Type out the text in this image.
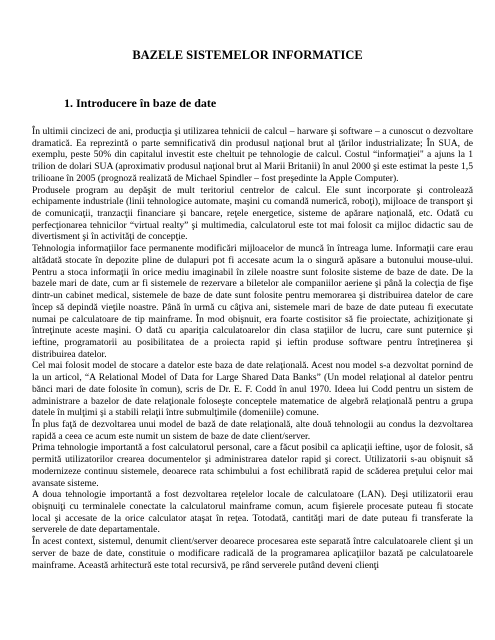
BAZELE SISTEMELOR INFORMATICE
1. Introducere în baze de date

În ultimii cincizeci de ani, producţia şi utilizarea tehnicii de calcul – harware şi software – a cunoscut o dezvoltare dramatică. Ea reprezintă o parte semnificativă din produsul naţional brut al ţărilor industrializate; În SUA, de exemplu, peste 50% din capitalul investit este cheltuit pe tehnologie de calcul. Costul “informaţiei" a ajuns la 1 trilion de dolari SUA (aproximativ produsul naţional brut al Marii Britanii) în anul 2000 şi este estimat la peste 1,5 trilioane în 2005 (prognoză realizată de Michael Spindler – fost preşedinte la Apple Computer).

Produsele program au depăşit de mult teritoriul centrelor de calcul. Ele sunt incorporate şi controlează echipamente industriale (linii tehnologice automate, maşini cu comandă numerică, roboţi), mijloace de transport şi de comunicaţii, tranzacţii financiare şi bancare, reţele energetice, sisteme de apărare naţională, etc. Odată cu perfecţionarea tehnicilor “virtual realty” şi multimedia, calculatorul este tot mai folosit ca mijloc didactic sau de divertisment şi în activităţi de concepţie.

Tehnologia informaţiilor face permanente modificări mijloacelor de muncă în întreaga lume. Informaţii care erau altădată stocate în depozite pline de dulapuri pot fi accesate acum la o singură apăsare a butonului mouse-ului. Pentru a stoca informaţii în orice mediu imaginabil în zilele noastre sunt folosite sisteme de baze de date. De la bazele mari de date, cum ar fi sistemele de rezervare a biletelor ale companiilor aeriene şi până la colecţia de fişe dintr-un cabinet medical, sistemele de baze de date sunt folosite pentru memorarea şi distribuirea datelor de care încep să depindă vieţile noastre. Până în urmă cu câţiva ani, sistemele mari de baze de date puteau fi executate numai pe calculatoare de tip mainframe. În mod obişnuit, era foarte costisitor să fie proiectate, achiziţionate şi întreţinute aceste maşini. O dată cu apariţia calculatoarelor din clasa staţiilor de lucru, care sunt puternice şi ieftine, programatorii au posibilitatea de a proiecta rapid şi ieftin produse software pentru întreţinerea şi distribuirea datelor.

Cel mai folosit model de stocare a datelor este baza de date relaţională. Acest nou model s-a dezvoltat pornind de la un articol, “A Relational Model of Data for Large Shared Data Banks” (Un model relaţional al datelor pentru bănci mari de date folosite în comun), scris de Dr. E. F. Codd în anul 1970. Ideea lui Codd pentru un sistem de administrare a bazelor de date relaţionale foloseşte conceptele matematice de algebră relaţională pentru a grupa datele în mulţimi şi a stabili relaţii între submulţimile (domeniile) comune.

În plus faţă de dezvoltarea unui model de bază de date relaţională, alte două tehnologii au condus la dezvoltarea rapidă a ceea ce acum este numit un sistem de baze de date client/server.

Prima tehnologie importantă a fost calculatorul personal, care a făcut posibil ca aplicaţii ieftine, uşor de folosit, să permită utilizatorilor crearea documentelor şi administrarea datelor rapid şi corect. Utilizatorii s-au obişnuit să modernizeze continuu sistemele, deoarece rata schimbului a fost echilibrată rapid de scăderea preţului celor mai avansate sisteme.

A doua tehnologie importantă a fost dezvoltarea reţelelor locale de calculatoare (LAN). Deşi utilizatorii erau obişnuiţi cu terminalele conectate la calculatorul mainframe comun, acum fişierele procesate puteau fi stocate local şi accesate de la orice calculator ataşat în reţea. Totodată, cantităţi mari de date puteau fi transferate la serverele de date departamentale.

În acest context, sistemul, denumit client/server deoarece procesarea este separată între calculatoarele client şi un server de baze de date, constituie o modificare radicală de la programarea aplicaţiilor bazată pe calculatoarele mainframe. Această arhitectură este total recursivă, pe rând serverele putând deveni clienţi
